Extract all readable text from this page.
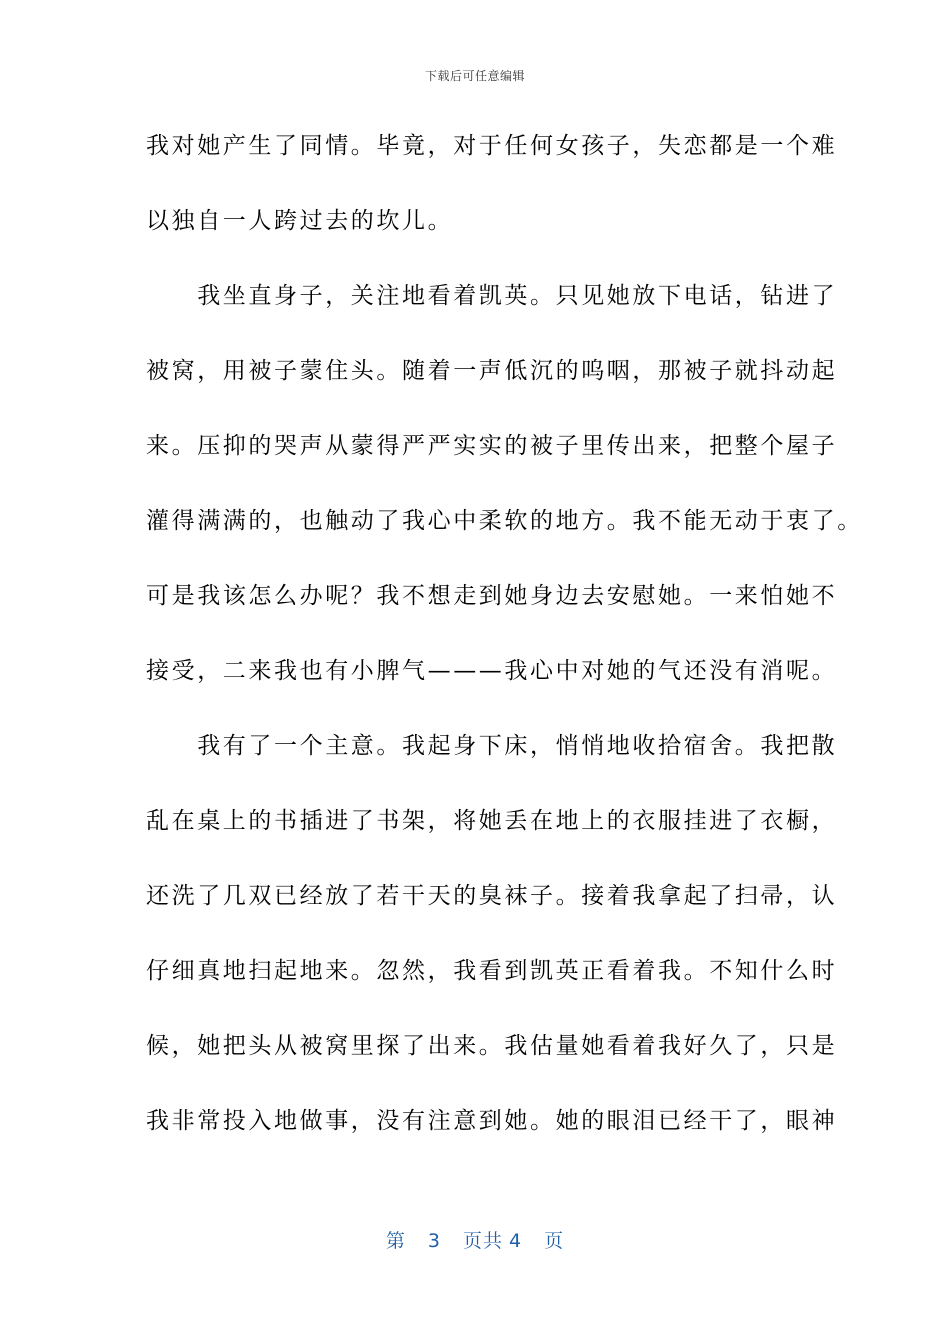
下载后可任意编辑
我对她产生了同情。毕竟，对于任何女孩子，失恋都是一个难
以独自一人跨过去的坎儿。
　　我坐直身子，关注地看着凯英。只见她放下电话，钻进了
被窝，用被子蒙住头。随着一声低沉的呜咽，那被子就抖动起
来。压抑的哭声从蒙得严严实实的被子里传出来，把整个屋子
灌得满满的，也触动了我心中柔软的地方。我不能无动于衷了。
可是我该怎么办呢？我不想走到她身边去安慰她。一来怕她不
接受，二来我也有小脾气———我心中对她的气还没有消呢。
　　我有了一个主意。我起身下床，悄悄地收拾宿舍。我把散
乱在桌上的书插进了书架，将她丢在地上的衣服挂进了衣橱，
还洗了几双已经放了若干天的臭袜子。接着我拿起了扫帚，认
仔细真地扫起地来。忽然，我看到凯英正看着我。不知什么时
候，她把头从被窝里探了出来。我估量她看着我好久了，只是
我非常投入地做事，没有注意到她。她的眼泪已经干了，眼神
第 3 页共 4 页
